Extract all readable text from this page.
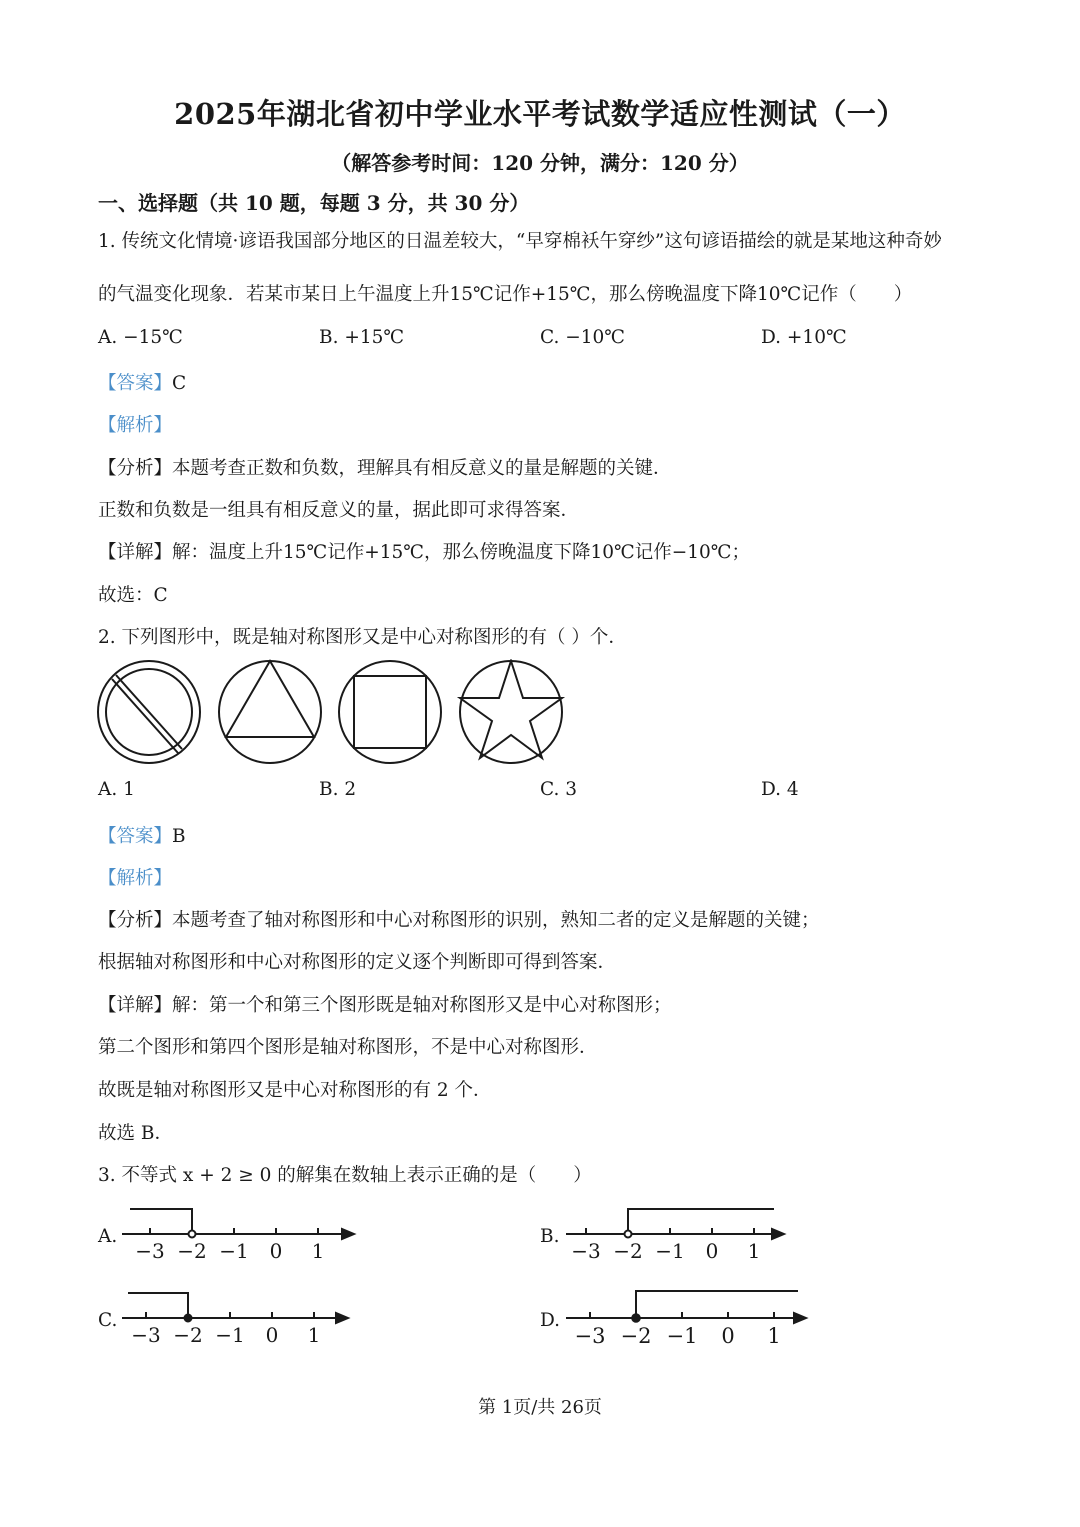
2025年湖北省初中学业水平考试数学适应性测试（一）
（解答参考时间：120 分钟，满分：120 分）
一、选择题（共 10 题，每题 3 分，共 30 分）
1. 传统文化情境·谚语我国部分地区的日温差较大，“早穿棉袄午穿纱”这句谚语描绘的就是某地这种奇妙
的气温变化现象．若某市某日上午温度上升15℃记作+15℃，那么傍晚温度下降10℃记作（　　）
A. −15℃	B. +15℃	C. −10℃	D. +10℃
【答案】C
【解析】
【分析】本题考查正数和负数，理解具有相反意义的量是解题的关键．
正数和负数是一组具有相反意义的量，据此即可求得答案．
【详解】解：温度上升15℃记作+15℃，那么傍晚温度下降10℃记作−10℃；
故选：C
2. 下列图形中，既是轴对称图形又是中心对称图形的有（ ）个．
A. 1	B. 2	C. 3	D. 4
【答案】B
【解析】
【分析】本题考查了轴对称图形和中心对称图形的识别，熟知二者的定义是解题的关键；
根据轴对称图形和中心对称图形的定义逐个判断即可得到答案．
【详解】解：第一个和第三个图形既是轴对称图形又是中心对称图形；
第二个图形和第四个图形是轴对称图形，不是中心对称图形．
故既是轴对称图形又是中心对称图形的有 2 个．
故选 B．
3. 不等式 x + 2 ≥ 0 的解集在数轴上表示正确的是（　　）
A.	B.
C.	D.
−3 −2 −1 0 1	−3 −2 −1 0 1
−3 −2 −1 0 1	−3 −2 −1 0 1
第 1页/共 26页
